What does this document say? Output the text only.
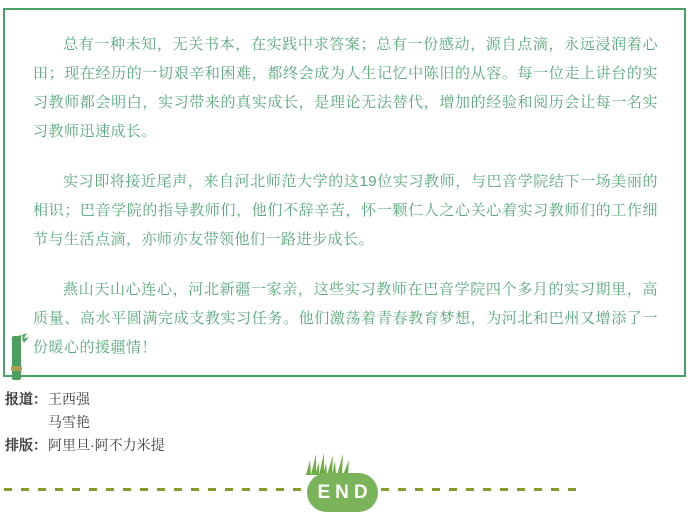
总有一种未知，无关书本，在实践中求答案；总有一份感动，源自点滴，永远浸润着心田；现在经历的一切艰辛和困难，都终会成为人生记忆中陈旧的从容。每一位走上讲台的实习教师都会明白，实习带来的真实成长，是理论无法替代，增加的经验和阅历会让每一名实习教师迅速成长。

实习即将接近尾声，来自河北师范大学的这19位实习教师，与巴音学院结下一场美丽的相识；巴音学院的指导教师们，他们不辞辛苦，怀一颗仁人之心关心着实习教师们的工作细节与生活点滴，亦师亦友带领他们一路进步成长。

燕山天山心连心，河北新疆一家亲，这些实习教师在巴音学院四个多月的实习期里，高质量、高水平圆满完成支教实习任务。他们激荡着青春教育梦想，为河北和巴州又增添了一份暖心的援疆情！

报道：王西强
马雪艳
排版：阿里旦·阿不力米提
END
